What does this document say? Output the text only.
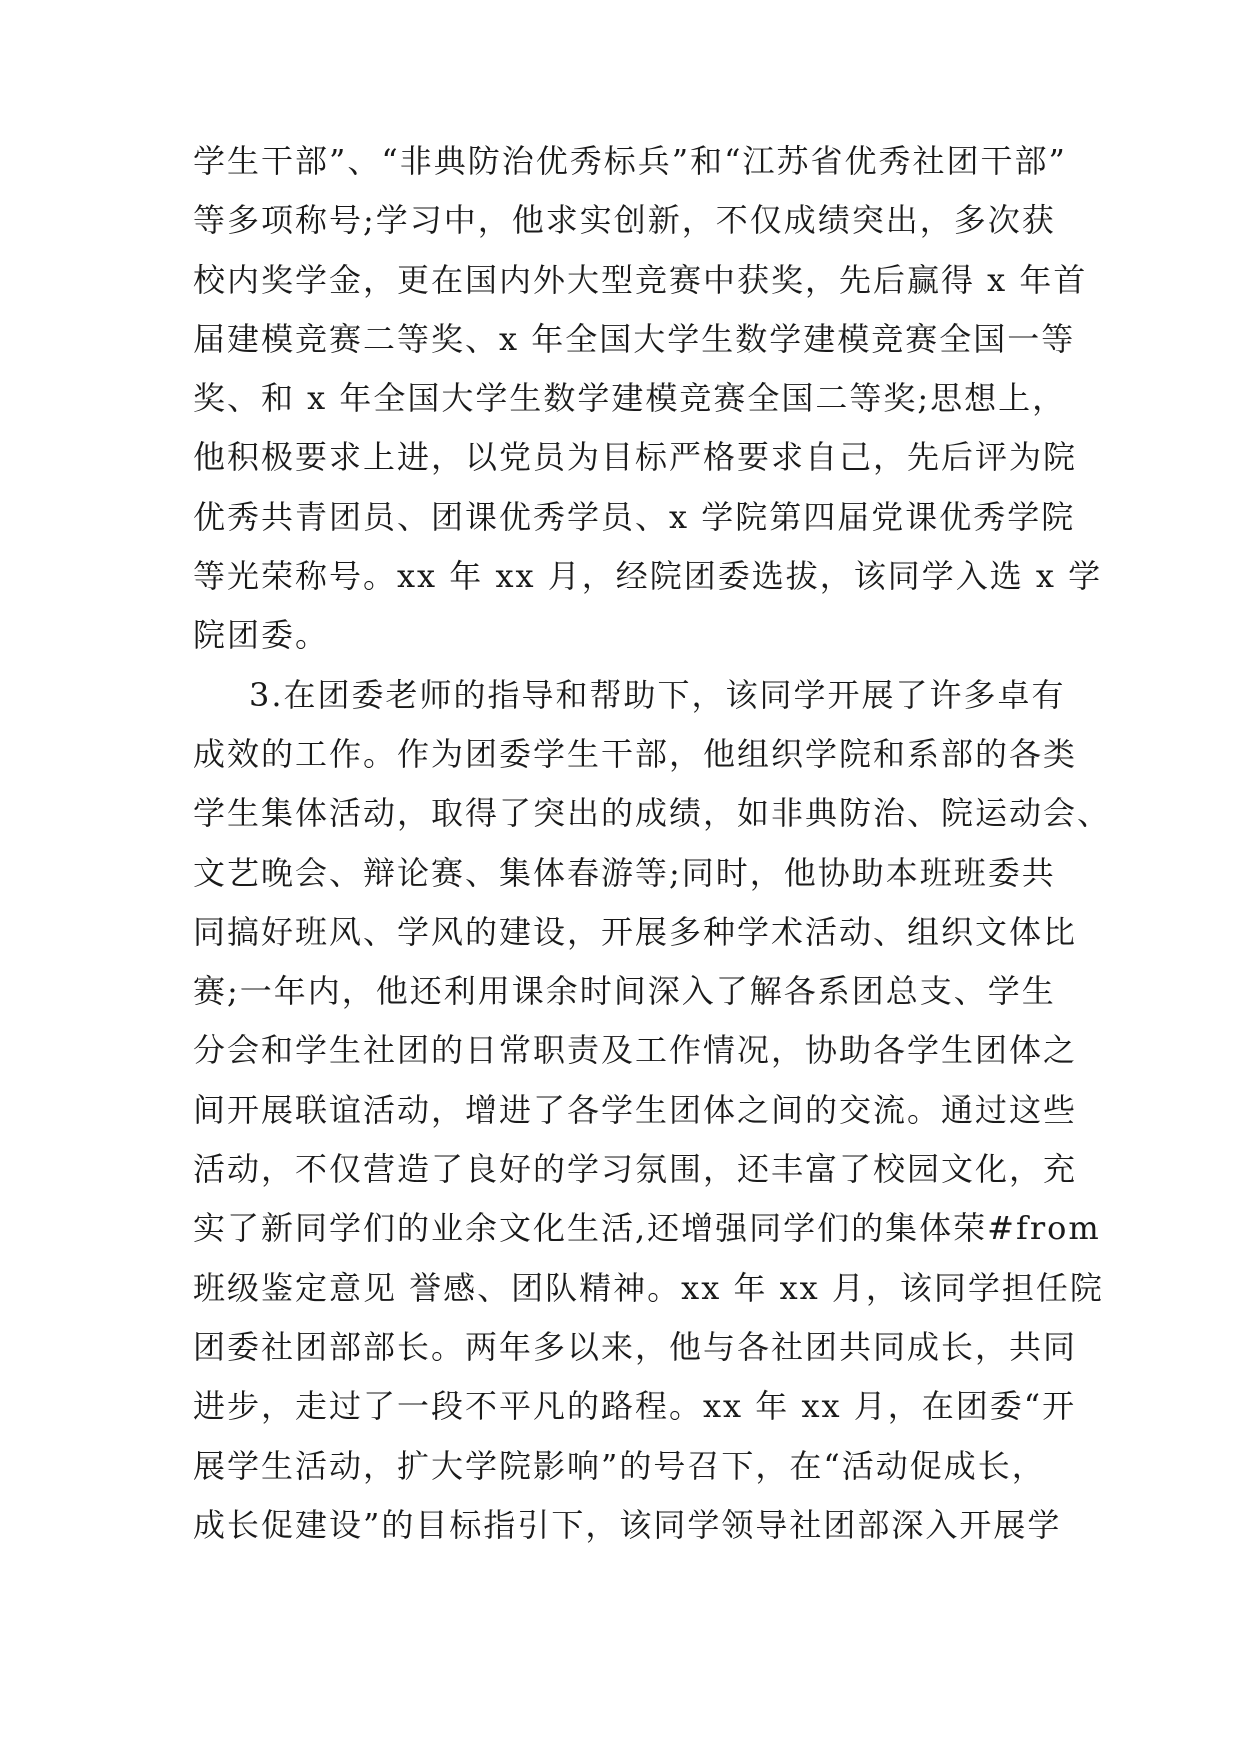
学生干部”、“非典防治优秀标兵”和“江苏省优秀社团干部”
等多项称号;学习中，他求实创新，不仅成绩突出，多次获
校内奖学金，更在国内外大型竞赛中获奖，先后赢得 x 年首
届建模竞赛二等奖、x 年全国大学生数学建模竞赛全国一等
奖、和 x 年全国大学生数学建模竞赛全国二等奖;思想上，
他积极要求上进，以党员为目标严格要求自己，先后评为院
优秀共青团员、团课优秀学员、x 学院第四届党课优秀学院
等光荣称号。xx 年 xx 月，经院团委选拔，该同学入选 x 学
院团委。
3.在团委老师的指导和帮助下，该同学开展了许多卓有
成效的工作。作为团委学生干部，他组织学院和系部的各类
学生集体活动，取得了突出的成绩，如非典防治、院运动会、
文艺晚会、辩论赛、集体春游等;同时，他协助本班班委共
同搞好班风、学风的建设，开展多种学术活动、组织文体比
赛;一年内，他还利用课余时间深入了解各系团总支、学生
分会和学生社团的日常职责及工作情况，协助各学生团体之
间开展联谊活动，增进了各学生团体之间的交流。通过这些
活动，不仅营造了良好的学习氛围，还丰富了校园文化，充
实了新同学们的业余文化生活,还增强同学们的集体荣#from
班级鉴定意见 誉感、团队精神。xx 年 xx 月，该同学担任院
团委社团部部长。两年多以来，他与各社团共同成长，共同
进步，走过了一段不平凡的路程。xx 年 xx 月，在团委“开
展学生活动，扩大学院影响”的号召下，在“活动促成长，
成长促建设”的目标指引下，该同学领导社团部深入开展学
